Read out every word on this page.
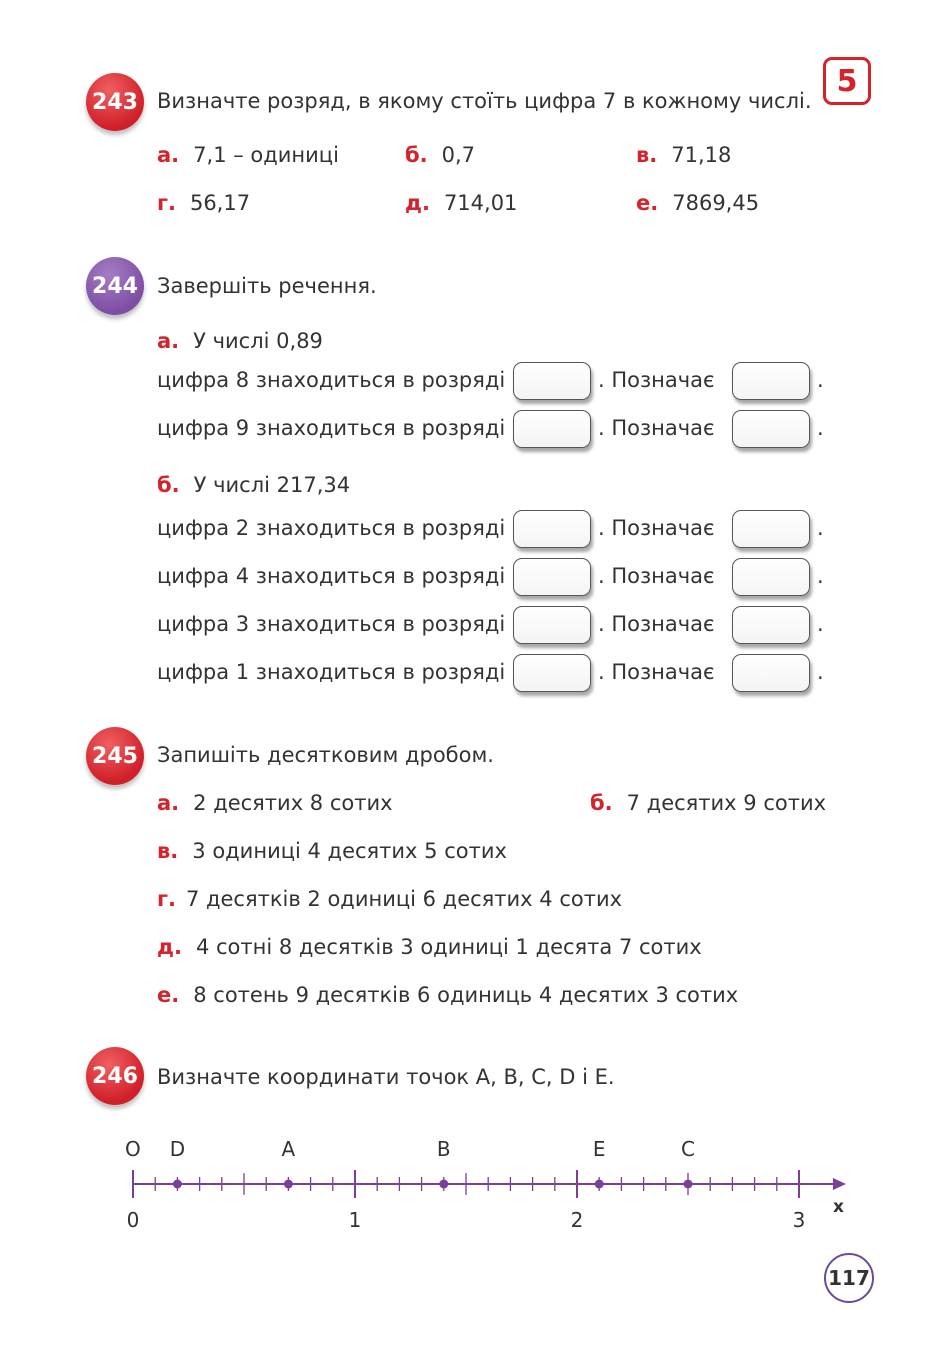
5
243 Визначте розряд, в якому стоїть цифра 7 в кожному числі.
а. 7,1 – одиниці	б. 0,7	в. 71,18
г. 56,17	д. 714,01	е. 7869,45
244 Завершіть речення.
а. У числі 0,89
цифра 8 знаходиться в розряді	. Позначає	.
цифра 9 знаходиться в розряді	. Позначає	.
б. У числі 217,34
цифра 2 знаходиться в розряді	. Позначає	.
цифра 4 знаходиться в розряді	. Позначає	.
цифра 3 знаходиться в розряді	. Позначає	.
цифра 1 знаходиться в розряді	. Позначає	.
245 Запишіть десятковим дробом.
а. 2 десятих 8 сотих	б. 7 десятих 9 сотих
в. 3 одиниці 4 десятих 5 сотих
г. 7 десятків 2 одиниці 6 десятих 4 сотих
д. 4 сотні 8 десятків 3 одиниці 1 десята 7 сотих
е. 8 сотень 9 десятків 6 одиниць 4 десятих 3 сотих
246 Визначте координати точок A, B, C, D і E.
O
x
0	1	2	3
D	A	B	E	C
117
